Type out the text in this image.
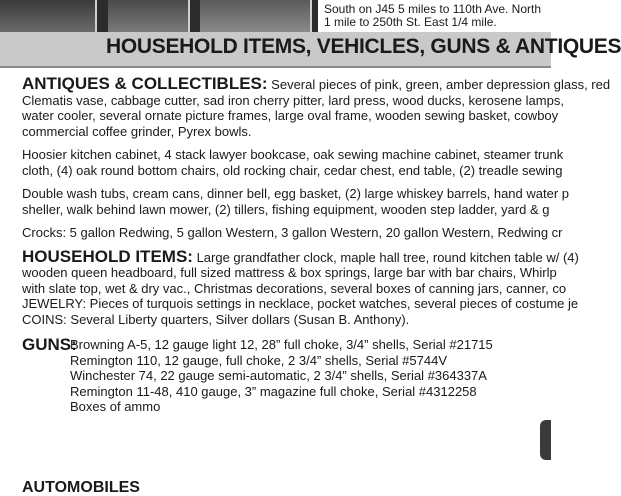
South on J45 5 miles to 110th Ave. North
1 mile to 250th St. East 1/4 mile.
HOUSEHOLD ITEMS, VEHICLES, GUNS & ANTIQUES
ANTIQUES & COLLECTIBLES: Several pieces of pink, green, amber depression glass, red
Clematis vase, cabbage cutter, sad iron cherry pitter, lard press, wood ducks, kerosene lamps,
water cooler, several ornate picture frames, large oval frame, wooden sewing basket, cowboy
commercial coffee grinder, Pyrex bowls.
Hoosier kitchen cabinet, 4 stack lawyer bookcase, oak sewing machine cabinet, steamer trunk
cloth, (4) oak round bottom chairs, old rocking chair, cedar chest, end table, (2) treadle sewing
Double wash tubs, cream cans, dinner bell, egg basket, (2) large whiskey barrels, hand water p
sheller, walk behind lawn mower, (2) tillers, fishing equipment, wooden step ladder, yard & g
Crocks: 5 gallon Redwing, 5 gallon Western, 3 gallon Western, 20 gallon Western, Redwing cr
HOUSEHOLD ITEMS: Large grandfather clock, maple hall tree, round kitchen table w/ (4)
wooden queen headboard, full sized mattress & box springs, large bar with bar chairs, Whirlp
with slate top, wet & dry vac., Christmas decorations, several boxes of canning jars, canner, co
JEWELRY: Pieces of turquois settings in necklace, pocket watches, several pieces of costume je
COINS: Several Liberty quarters, Silver dollars (Susan B. Anthony).
GUNS:
Browning A-5, 12 gauge light 12, 28” full choke, 3/4” shells, Serial #21715
Remington 110, 12 gauge, full choke, 2 3/4” shells, Serial #5744V
Winchester 74, 22 gauge semi-automatic, 2 3/4” shells, Serial #364337A
Remington 11-48, 410 gauge, 3” magazine full choke, Serial #4312258
Boxes of ammo
AUTOMOBILES
